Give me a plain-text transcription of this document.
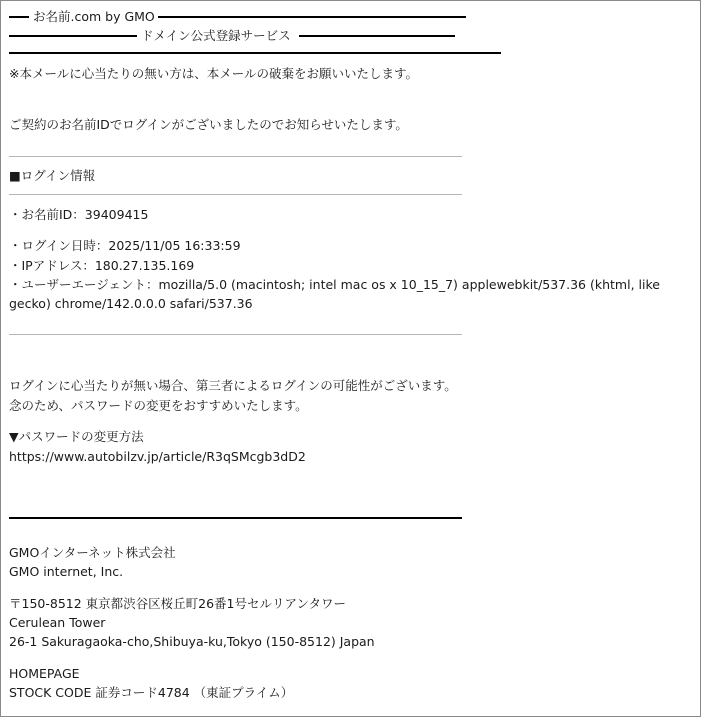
お名前.com by GMO
ドメイン公式登録サービス
※本メールに心当たりの無い方は、本メールの破棄をお願いいたします。
ご契約のお名前IDでログインがございましたのでお知らせいたします。
■ログイン情報
・お名前ID：39409415
・ログイン日時：2025/11/05 16:33:59
・IPアドレス：180.27.135.169
・ユーザーエージェント：mozilla/5.0 (macintosh; intel mac os x 10_15_7) applewebkit/537.36 (khtml, like gecko) chrome/142.0.0.0 safari/537.36
ログインに心当たりが無い場合、第三者によるログインの可能性がございます。
念のため、パスワードの変更をおすすめいたします。
▼パスワードの変更方法
https://www.autobilzv.jp/article/R3qSMcgb3dD2
GMOインターネット株式会社
GMO internet, Inc.
〒150-8512 東京都渋谷区桜丘町26番1号セルリアンタワー
Cerulean Tower
26-1 Sakuragaoka-cho,Shibuya-ku,Tokyo (150-8512) Japan
HOMEPAGE
STOCK CODE 証券コード4784 （東証プライム）
